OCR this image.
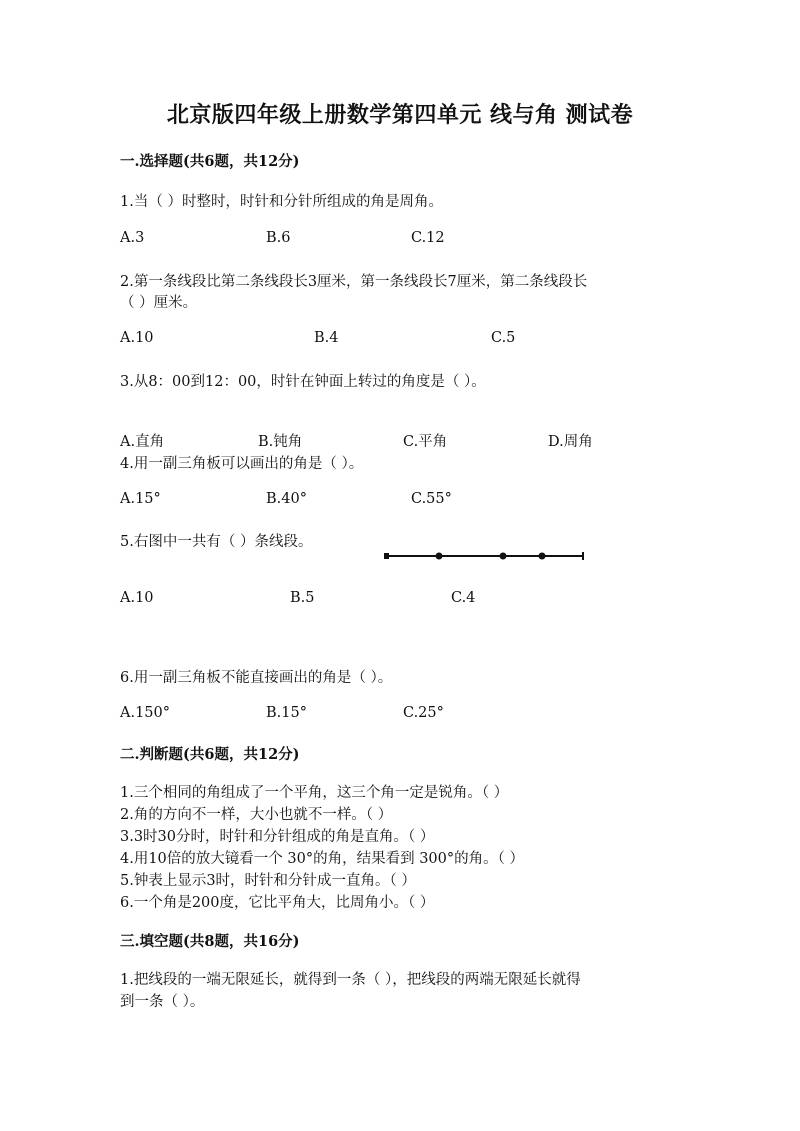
北京版四年级上册数学第四单元 线与角 测试卷
一.选择题(共6题，共12分)
1.当（ ）时整时，时针和分针所组成的角是周角。
A.3	B.6	C.12
2.第一条线段比第二条线段长3厘米，第一条线段长7厘米，第二条线段长
（ ）厘米。
A.10	B.4	C.5
3.从8：00到12：00，时针在钟面上转过的角度是（ ）。
A.直角	B.钝角	C.平角	D.周角
4.用一副三角板可以画出的角是（ ）。
A.15°	B.40°	C.55°
5.右图中一共有（ ）条线段。
A.10	B.5	C.4
6.用一副三角板不能直接画出的角是（ ）。
A.150°	B.15°	C.25°
二.判断题(共6题，共12分)
1.三个相同的角组成了一个平角，这三个角一定是锐角。（ ）
2.角的方向不一样，大小也就不一样。（ ）
3.3时30分时，时针和分针组成的角是直角。（ ）
4.用10倍的放大镜看一个 30°的角，结果看到 300°的角。（ ）
5.钟表上显示3时，时针和分针成一直角。（ ）
6.一个角是200度，它比平角大，比周角小。（ ）
三.填空题(共8题，共16分)
1.把线段的一端无限延长，就得到一条（ ），把线段的两端无限延长就得
到一条（ ）。
